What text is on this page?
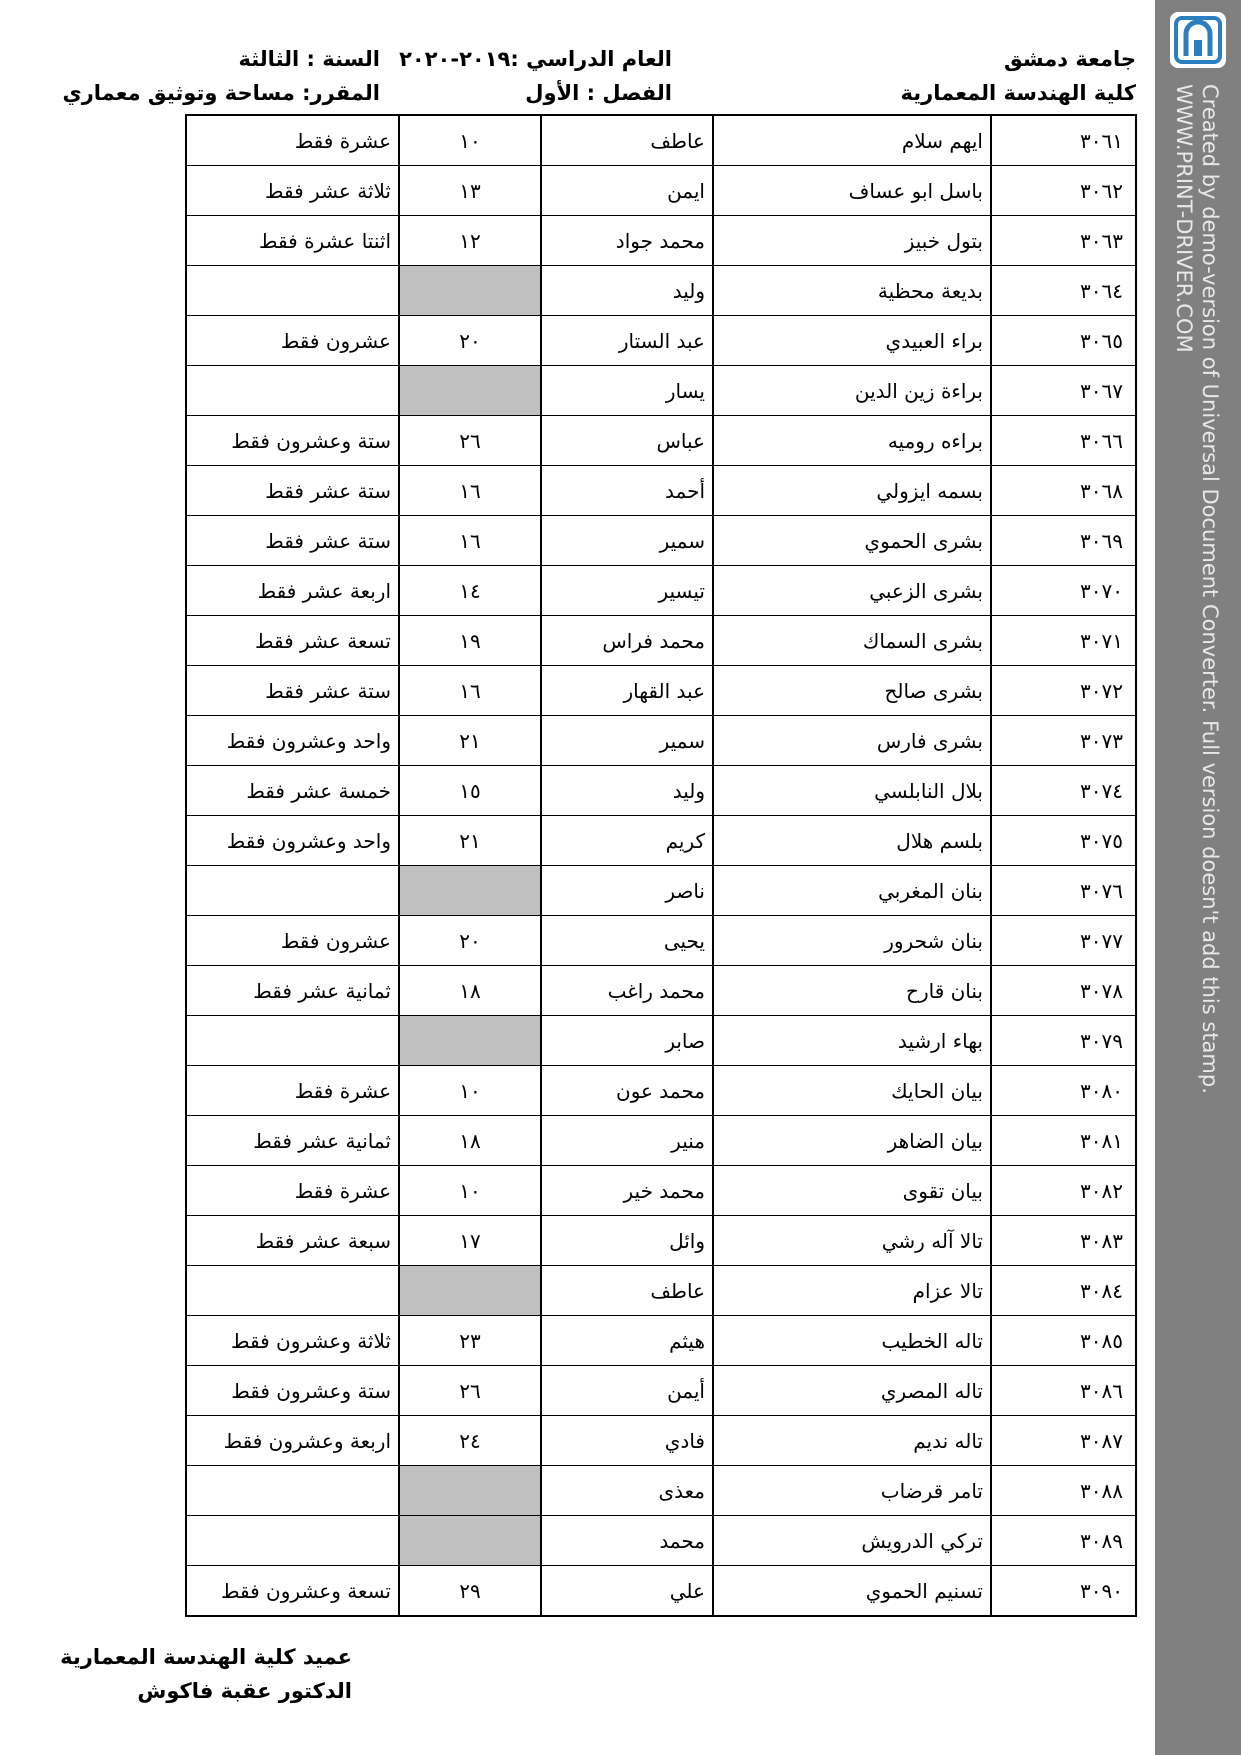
جامعة دمشق
العام الدراسي :٢٠١٩-٢٠٢٠
السنة : الثالثة
كلية الهندسة المعمارية
الفصل : الأول
المقرر: مساحة وتوثيق معماري
٣٠٦١	ايهم سلام	عاطف	١٠	عشرة فقط
٣٠٦٢	باسل ابو عساف	ايمن	١٣	ثلاثة عشر فقط
٣٠٦٣	بتول خبيز	محمد جواد	١٢	اثنتا عشرة فقط
٣٠٦٤	بديعة محظية	وليد		
٣٠٦٥	براء العبيدي	عبد الستار	٢٠	عشرون فقط
٣٠٦٧	براءة زين الدين	يسار		
٣٠٦٦	براءه روميه	عباس	٢٦	ستة وعشرون فقط
٣٠٦٨	بسمه ايزولي	أحمد	١٦	ستة عشر فقط
٣٠٦٩	بشرى الحموي	سمير	١٦	ستة عشر فقط
٣٠٧٠	بشرى الزعبي	تيسير	١٤	اربعة عشر فقط
٣٠٧١	بشرى السماك	محمد فراس	١٩	تسعة عشر فقط
٣٠٧٢	بشرى صالح	عبد القهار	١٦	ستة عشر فقط
٣٠٧٣	بشرى فارس	سمير	٢١	واحد وعشرون فقط
٣٠٧٤	بلال النابلسي	وليد	١٥	خمسة عشر فقط
٣٠٧٥	بلسم هلال	كريم	٢١	واحد وعشرون فقط
٣٠٧٦	بنان المغربي	ناصر		
٣٠٧٧	بنان شحرور	يحيى	٢٠	عشرون فقط
٣٠٧٨	بنان قارح	محمد راغب	١٨	ثمانية عشر فقط
٣٠٧٩	بهاء ارشيد	صابر		
٣٠٨٠	بيان الحايك	محمد عون	١٠	عشرة فقط
٣٠٨١	بيان الضاهر	منير	١٨	ثمانية عشر فقط
٣٠٨٢	بيان تقوى	محمد خير	١٠	عشرة فقط
٣٠٨٣	تالا آله رشي	وائل	١٧	سبعة عشر فقط
٣٠٨٤	تالا عزام	عاطف		
٣٠٨٥	تاله الخطيب	هيثم	٢٣	ثلاثة وعشرون فقط
٣٠٨٦	تاله المصري	أيمن	٢٦	ستة وعشرون فقط
٣٠٨٧	تاله نديم	فادي	٢٤	اربعة وعشرون فقط
٣٠٨٨	تامر قرضاب	معذى		
٣٠٨٩	تركي الدرويش	محمد		
٣٠٩٠	تسنيم الحموي	علي	٢٩	تسعة وعشرون فقط
عميد كلية الهندسة المعمارية
الدكتور عقبة فاكوش
Created by demo-version of Universal Document Converter. Full version doesn't add this stamp.
WWW.PRINT-DRIVER.COM
